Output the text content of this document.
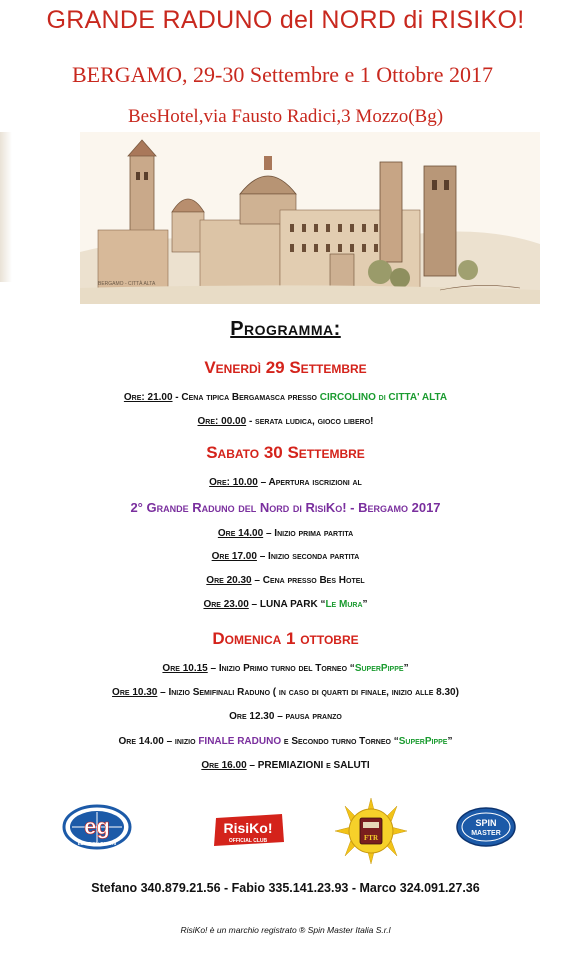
GRANDE RADUNO del NORD di RISIKO!
BERGAMO, 29-30 Settembre e 1 Ottobre 2017
BesHotel,via Fausto Radici,3 Mozzo(Bg)
BERGAMO - CITTÀ ALTA
Programma:
Venerdì 29 Settembre
Ore: 21.00 - Cena tipica Bergamasca presso CIRCOLINO di CITTA' ALTA
Ore: 00.00 - serata ludica, gioco libero!
Sabato 30 Settembre
Ore: 10.00 – Apertura iscrizioni al
2° Grande Raduno del Nord di RisiKo! - Bergamo 2017
Ore 14.00 – Inizio prima partita
Ore 17.00 – Inizio seconda partita
Ore 20.30 – Cena presso Bes Hotel
Ore 23.00 – LUNA PARK “Le Mura”
Domenica 1 ottobre
Ore 10.15 – Inizio Primo turno del Torneo “SuperPippe”
Ore 10.30 – Inizio Semifinali Raduno ( in caso di quarti di finale, inizio alle 8.30)
Ore 12.30 – pausa pranzo
Ore 14.00 – inizio FINALE RADUNO e Secondo turno Torneo “SuperPippe”
Ore 16.00 – PREMIAZIONI e SALUTI
eg
EDITRICE GIOCHI
RisiKo!
OFFICIAL CLUB	FTR
SPIN
MASTER
Stefano 340.879.21.56 - Fabio 335.141.23.93 - Marco 324.091.27.36
RisiKo! è un marchio registrato ® Spin Master Italia S.r.l
